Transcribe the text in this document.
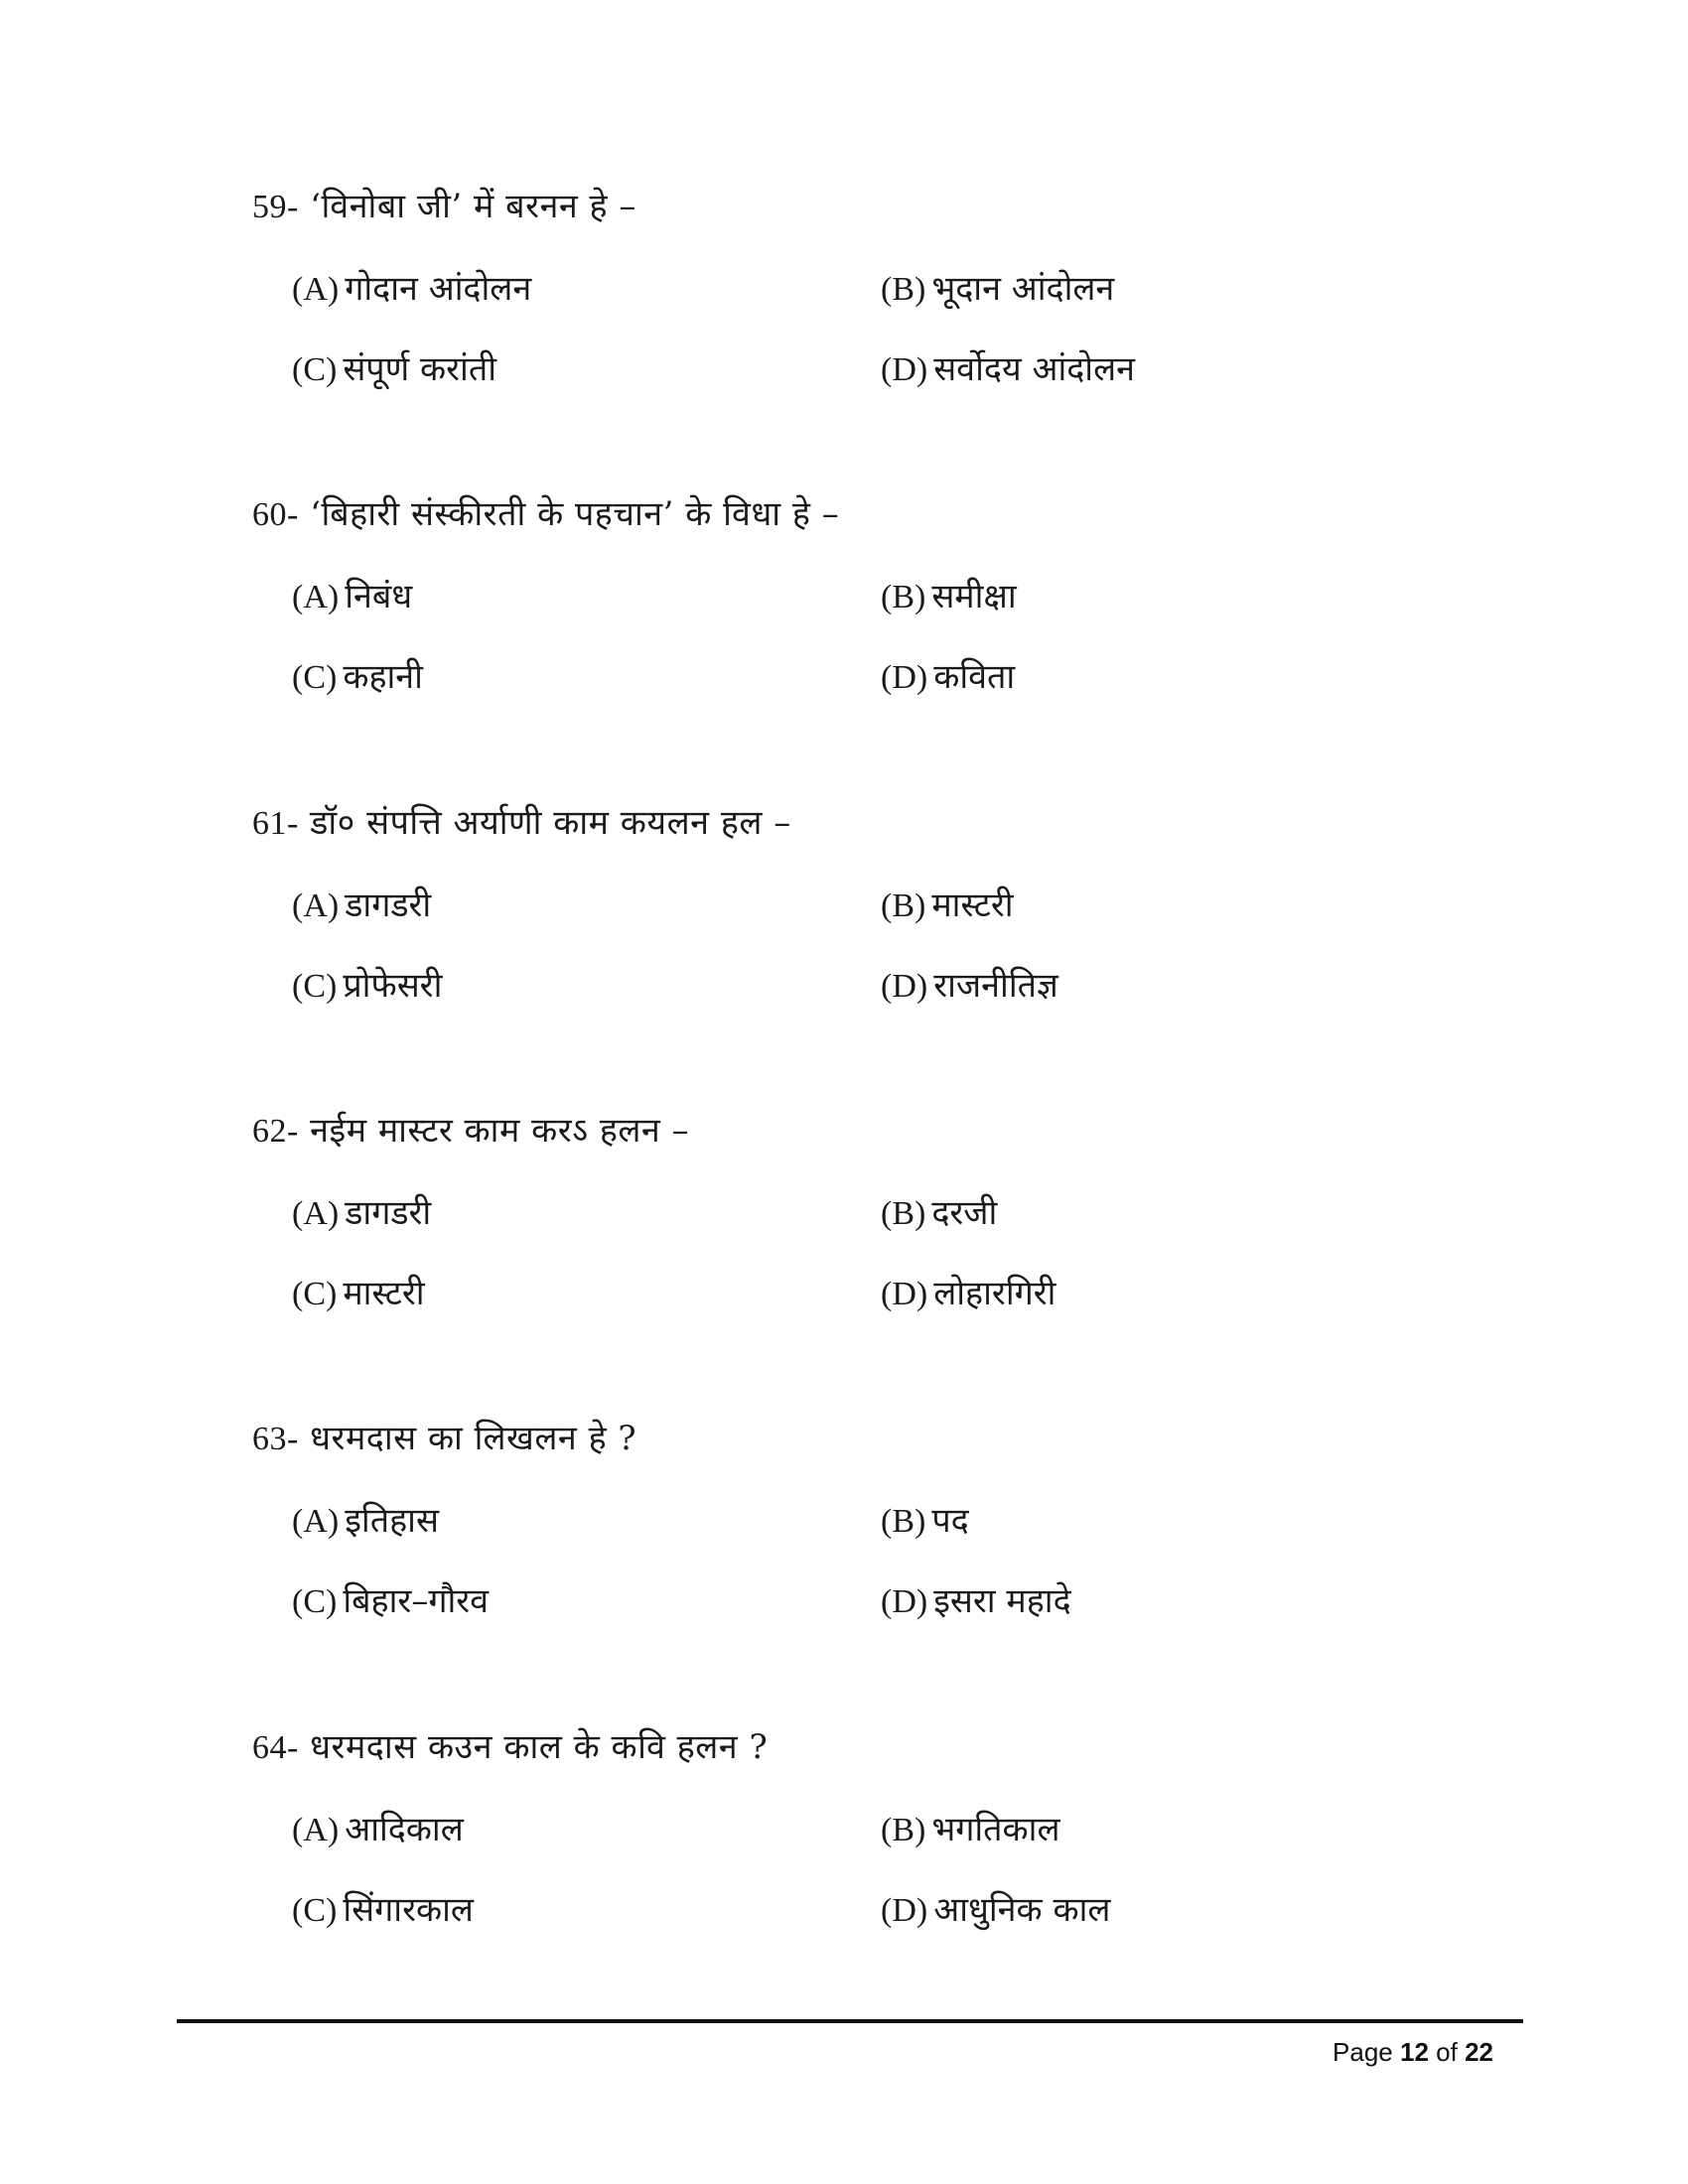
59- ‘विनोबा जी’ में बरनन हे –
(A) गोदान आंदोलन	(B) भूदान आंदोलन
(C) संपूर्ण करांती	(D) सर्वोदय आंदोलन
60- ‘बिहारी संस्कीरती के पहचान’ के विधा हे –
(A) निबंध	(B) समीक्षा
(C) कहानी	(D) कविता
61- डॉ० संपत्ति अर्याणी काम कयलन हल –
(A) डागडरी	(B) मास्टरी
(C) प्रोफेसरी	(D) राजनीतिज्ञ
62- नईम मास्टर काम करऽ हलन –
(A) डागडरी	(B) दरजी
(C) मास्टरी	(D) लोहारगिरी
63- धरमदास का लिखलन हे ?
(A) इतिहास	(B) पद
(C) बिहार–गौरव	(D) इसरा महादे
64- धरमदास कउन काल के कवि हलन ?
(A) आदिकाल	(B) भगतिकाल
(C) सिंगारकाल	(D) आधुनिक काल
Page 12 of 22
